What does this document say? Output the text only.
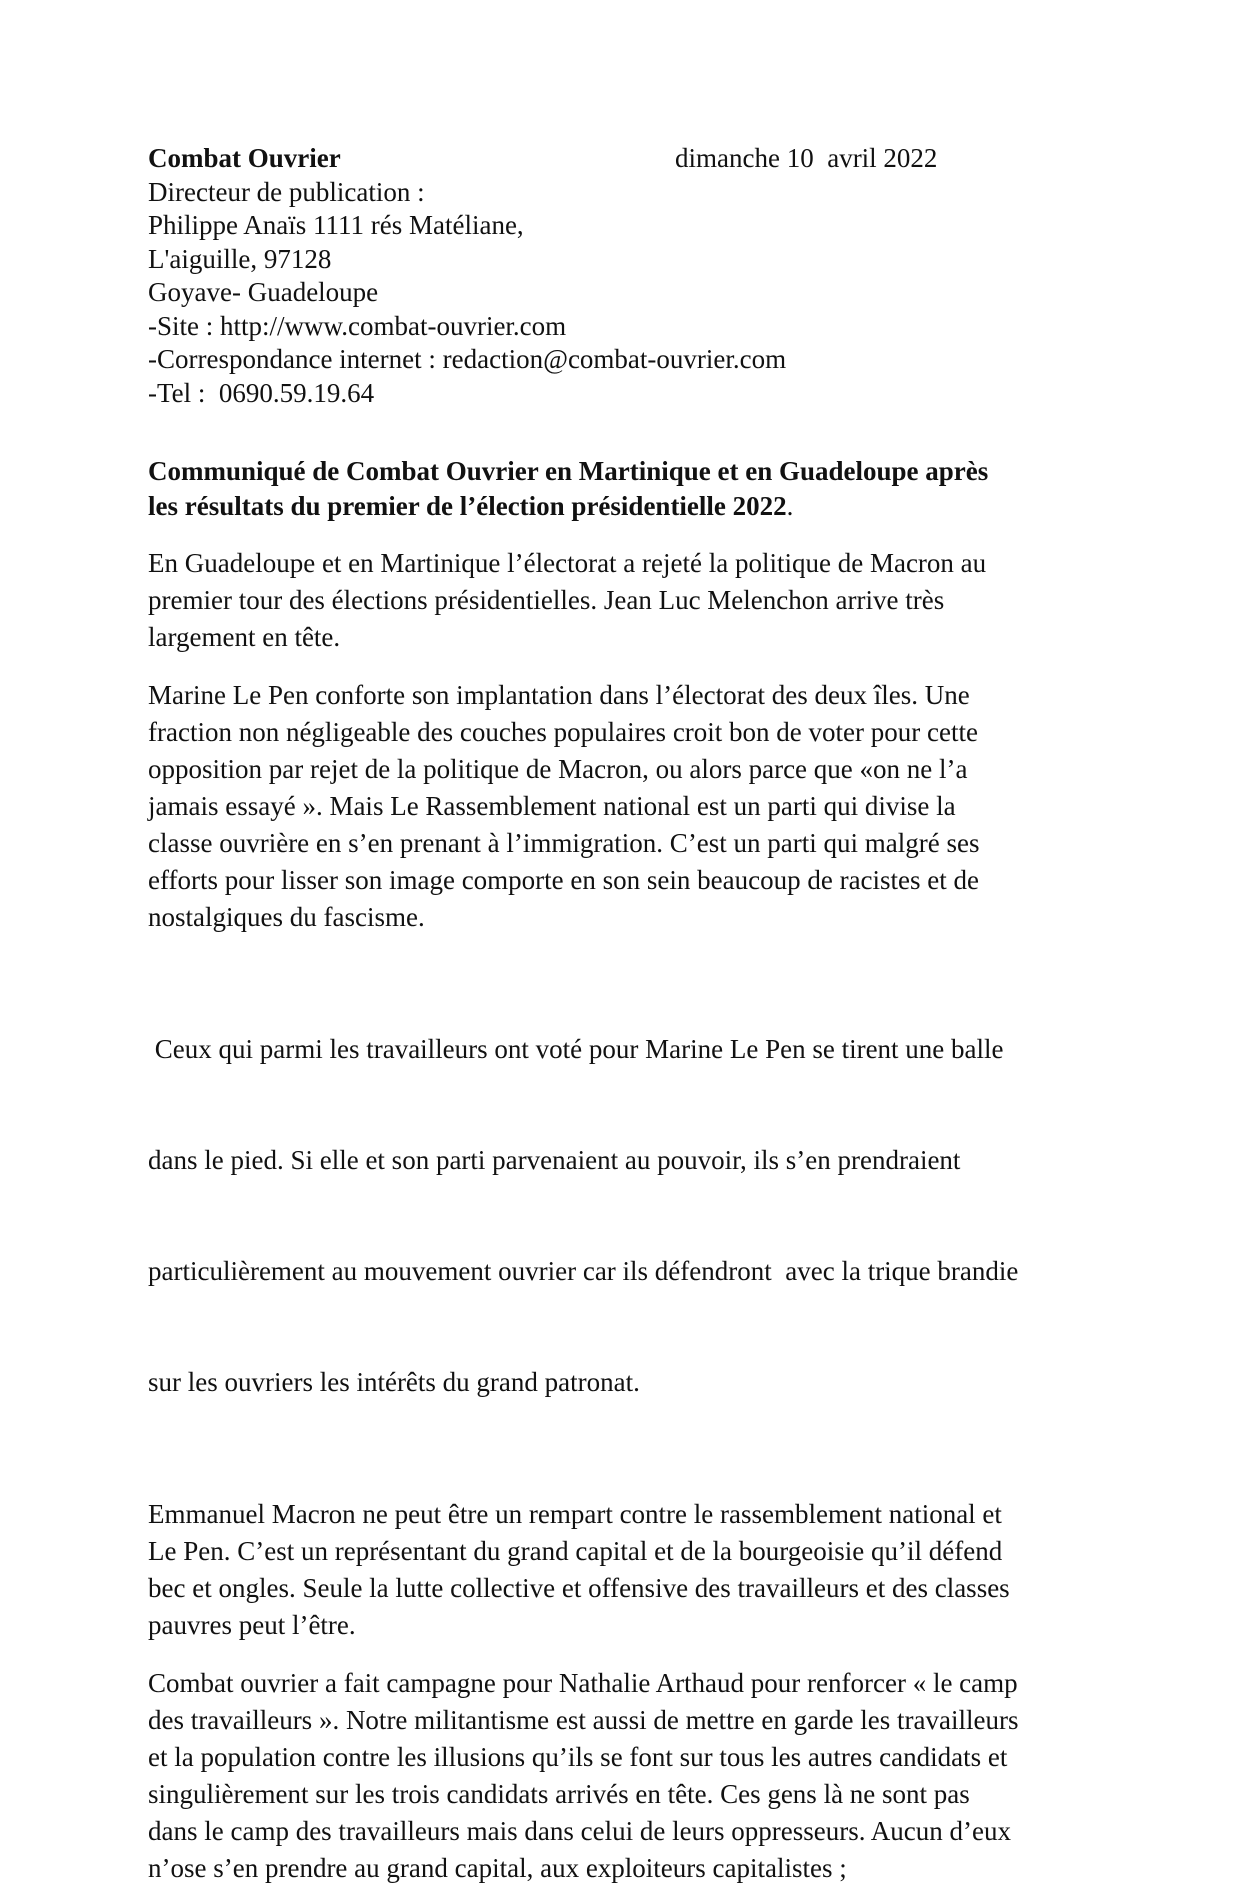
Combat Ouvrier	dimanche 10  avril 2022
Directeur de publication :
Philippe Anaïs 1111 rés Matéliane,
L'aiguille, 97128
Goyave- Guadeloupe
-Site : http://www.combat-ouvrier.com
-Correspondance internet : redaction@combat-ouvrier.com
-Tel :  0690.59.19.64
Communiqué de Combat Ouvrier en Martinique et en Guadeloupe après
les résultats du premier de l’élection présidentielle 2022.
En Guadeloupe et en Martinique l’électorat a rejeté la politique de Macron au
premier tour des élections présidentielles. Jean Luc Melenchon arrive très
largement en tête.
Marine Le Pen conforte son implantation dans l’électorat des deux îles. Une
fraction non négligeable des couches populaires croit bon de voter pour cette
opposition par rejet de la politique de Macron, ou alors parce que «on ne l’a
jamais essayé ». Mais Le Rassemblement national est un parti qui divise la
classe ouvrière en s’en prenant à l’immigration. C’est un parti qui malgré ses
efforts pour lisser son image comporte en son sein beaucoup de racistes et de
nostalgiques du fascisme.

Ceux qui parmi les travailleurs ont voté pour Marine Le Pen se tirent une balle

dans le pied. Si elle et son parti parvenaient au pouvoir, ils s’en prendraient

particulièrement au mouvement ouvrier car ils défendront  avec la trique brandie

sur les ouvriers les intérêts du grand patronat.

Emmanuel Macron ne peut être un rempart contre le rassemblement national et
Le Pen. C’est un représentant du grand capital et de la bourgeoisie qu’il défend
bec et ongles. Seule la lutte collective et offensive des travailleurs et des classes
pauvres peut l’être.
Combat ouvrier a fait campagne pour Nathalie Arthaud pour renforcer « le camp
des travailleurs ». Notre militantisme est aussi de mettre en garde les travailleurs
et la population contre les illusions qu’ils se font sur tous les autres candidats et
singulièrement sur les trois candidats arrivés en tête. Ces gens là ne sont pas
dans le camp des travailleurs mais dans celui de leurs oppresseurs. Aucun d’eux
n’ose s’en prendre au grand capital, aux exploiteurs capitalistes ;
